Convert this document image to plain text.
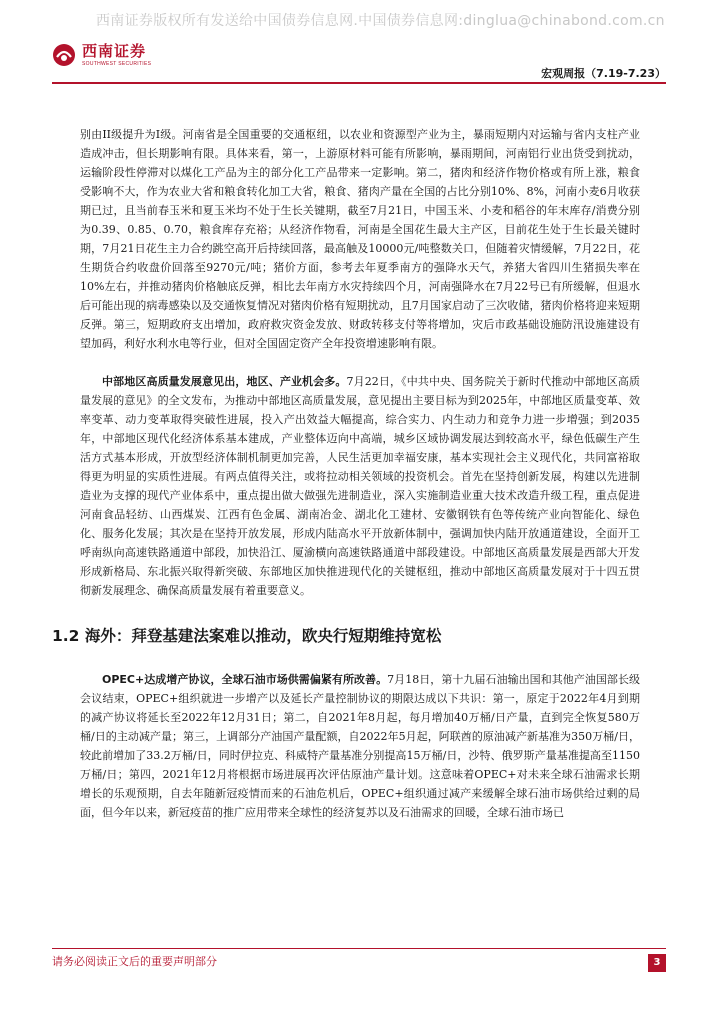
西南证券版权所有发送给中国债券信息网.中国债券信息网:dinglua@chinabond.com.cn
西南证券
SOUTHWEST SECURITIES
宏观周报（7.19-7.23）

别由II级提升为I级。河南省是全国重要的交通枢纽，以农业和资源型产业为主，暴雨短期内对运输与省内支柱产业造成冲击，但长期影响有限。具体来看，第一，上游原材料可能有所影响，暴雨期间，河南铝行业出货受到扰动，运输阶段性停滞对以煤化工产品为主的部分化工产品带来一定影响。第二，猪肉和经济作物价格或有所上涨，粮食受影响不大，作为农业大省和粮食转化加工大省，粮食、猪肉产量在全国的占比分别10%、8%，河南小麦6月收获期已过，且当前春玉米和夏玉米均不处于生长关键期，截至7月21日，中国玉米、小麦和稻谷的年末库存/消费分别为0.39、0.85、0.70，粮食库存充裕；从经济作物看，河南是全国花生最大主产区，目前花生处于生长最关键时期，7月21日花生主力合约跳空高开后持续回落，最高触及10000元/吨整数关口，但随着灾情缓解，7月22日，花生期货合约收盘价回落至9270元/吨；猪价方面，参考去年夏季南方的强降水天气，养猪大省四川生猪损失率在10%左右，并推动猪肉价格触底反弹，相比去年南方水灾持续四个月，河南强降水在7月22号已有所缓解，但退水后可能出现的病毒感染以及交通恢复情况对猪肉价格有短期扰动，且7月国家启动了三次收储，猪肉价格将迎来短期反弹。第三，短期政府支出增加，政府救灾资金发放、财政转移支付等将增加，灾后市政基础设施防汛设施建设有望加码，利好水利水电等行业，但对全国固定资产全年投资增速影响有限。

中部地区高质量发展意见出，地区、产业机会多。7月22日，《中共中央、国务院关于新时代推动中部地区高质量发展的意见》的全文发布，为推动中部地区高质量发展，意见提出主要目标为到2025年，中部地区质量变革、效率变革、动力变革取得突破性进展，投入产出效益大幅提高，综合实力、内生动力和竞争力进一步增强；到2035年，中部地区现代化经济体系基本建成，产业整体迈向中高端，城乡区域协调发展达到较高水平，绿色低碳生产生活方式基本形成，开放型经济体制机制更加完善，人民生活更加幸福安康，基本实现社会主义现代化，共同富裕取得更为明显的实质性进展。有两点值得关注，或将拉动相关领域的投资机会。首先在坚持创新发展，构建以先进制造业为支撑的现代产业体系中，重点提出做大做强先进制造业，深入实施制造业重大技术改造升级工程，重点促进河南食品轻纺、山西煤炭、江西有色金属、湖南冶金、湖北化工建材、安徽钢铁有色等传统产业向智能化、绿色化、服务化发展；其次是在坚持开放发展，形成内陆高水平开放新体制中，强调加快内陆开放通道建设，全面开工呼南纵向高速铁路通道中部段，加快沿江、厦渝横向高速铁路通道中部段建设。中部地区高质量发展是西部大开发形成新格局、东北振兴取得新突破、东部地区加快推进现代化的关键枢纽，推动中部地区高质量发展对于十四五贯彻新发展理念、确保高质量发展有着重要意义。

1.2 海外：拜登基建法案难以推动，欧央行短期维持宽松

OPEC+达成增产协议，全球石油市场供需偏紧有所改善。7月18日，第十九届石油输出国和其他产油国部长级会议结束，OPEC+组织就进一步增产以及延长产量控制协议的期限达成以下共识：第一，原定于2022年4月到期的减产协议将延长至2022年12月31日；第二，自2021年8月起，每月增加40万桶/日产量，直到完全恢复580万桶/日的主动减产量；第三，上调部分产油国产量配额，自2022年5月起，阿联酋的原油减产新基准为350万桶/日，较此前增加了33.2万桶/日，同时伊拉克、科威特产量基准分别提高15万桶/日，沙特、俄罗斯产量基准提高至1150万桶/日；第四，2021年12月将根据市场进展再次评估原油产量计划。这意味着OPEC+对未来全球石油需求长期增长的乐观预期，自去年随新冠疫情而来的石油危机后，OPEC+组织通过减产来缓解全球石油市场供给过剩的局面，但今年以来，新冠疫苗的推广应用带来全球性的经济复苏以及石油需求的回暖，全球石油市场已

请务必阅读正文后的重要声明部分	3
